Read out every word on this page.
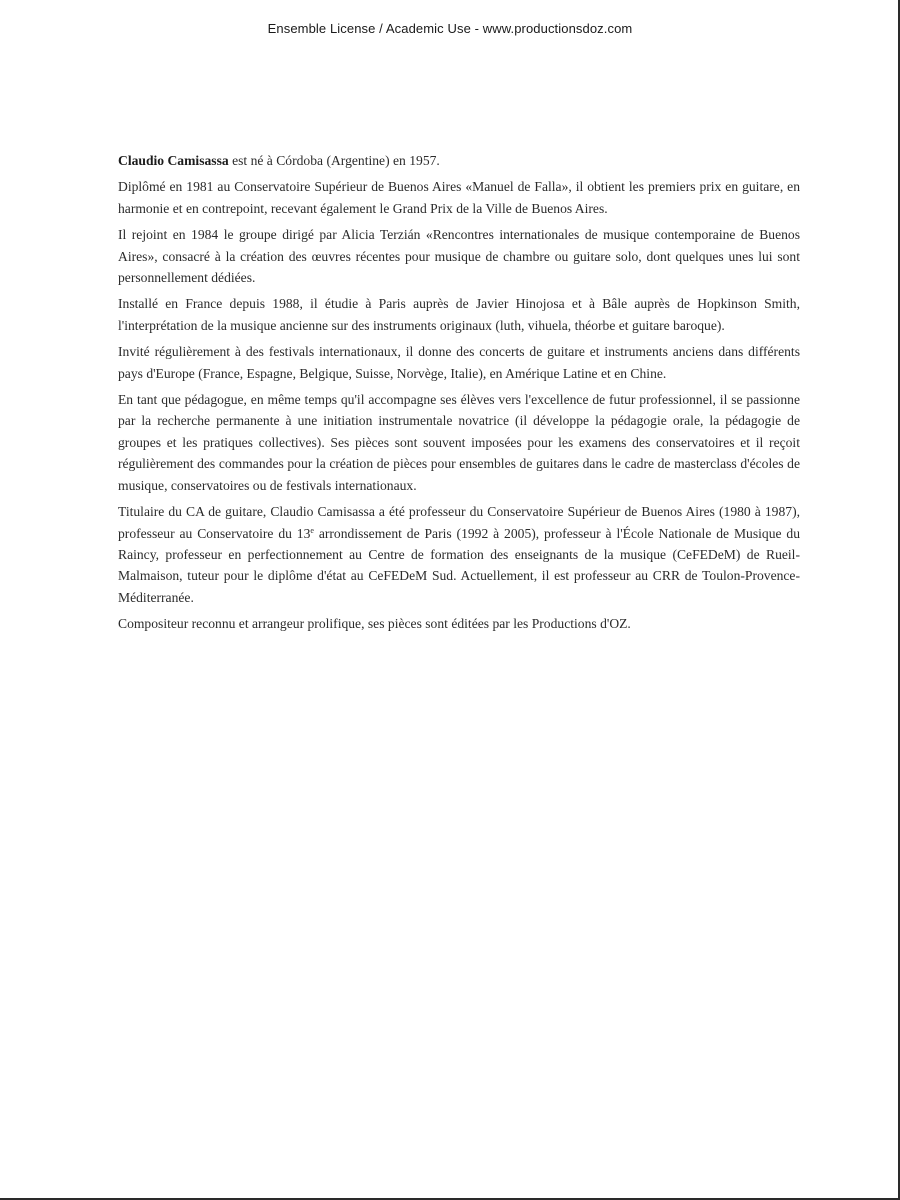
Ensemble License / Academic Use - www.productionsdoz.com

Claudio Camisassa est né à Córdoba (Argentine) en 1957.

Diplômé en 1981 au Conservatoire Supérieur de Buenos Aires «Manuel de Falla», il obtient les premiers prix en guitare, en harmonie et en contrepoint, recevant également le Grand Prix de la Ville de Buenos Aires.

Il rejoint en 1984 le groupe dirigé par Alicia Terzián «Rencontres internationales de musique contemporaine de Buenos Aires», consacré à la création des œuvres récentes pour musique de chambre ou guitare solo, dont quelques unes lui sont personnellement dédiées.

Installé en France depuis 1988, il étudie à Paris auprès de Javier Hinojosa et à Bâle auprès de Hopkinson Smith, l'interprétation de la musique ancienne sur des instruments originaux (luth, vihuela, théorbe et guitare baroque).

Invité régulièrement à des festivals internationaux, il donne des concerts de guitare et instruments anciens dans différents pays d'Europe (France, Espagne, Belgique, Suisse, Norvège, Italie), en Amérique Latine et en Chine.

En tant que pédagogue, en même temps qu'il accompagne ses élèves vers l'excellence de futur professionnel, il se passionne par la recherche permanente à une initiation instrumentale novatrice (il développe la pédagogie orale, la pédagogie de groupes et les pratiques collectives). Ses pièces sont souvent imposées pour les examens des conservatoires et il reçoit régulièrement des commandes pour la création de pièces pour ensembles de guitares dans le cadre de masterclass d'écoles de musique, conservatoires ou de festivals internationaux.

Titulaire du CA de guitare, Claudio Camisassa a été professeur du Conservatoire Supérieur de Buenos Aires (1980 à 1987), professeur au Conservatoire du 13e arrondissement de Paris (1992 à 2005), professeur à l'École Nationale de Musique du Raincy, professeur en perfectionnement au Centre de formation des enseignants de la musique (CeFEDeM) de Rueil-Malmaison, tuteur pour le diplôme d'état au CeFEDeM Sud. Actuellement, il est professeur au CRR de Toulon-Provence-Méditerranée.

Compositeur reconnu et arrangeur prolifique, ses pièces sont éditées par les Productions d'OZ.
